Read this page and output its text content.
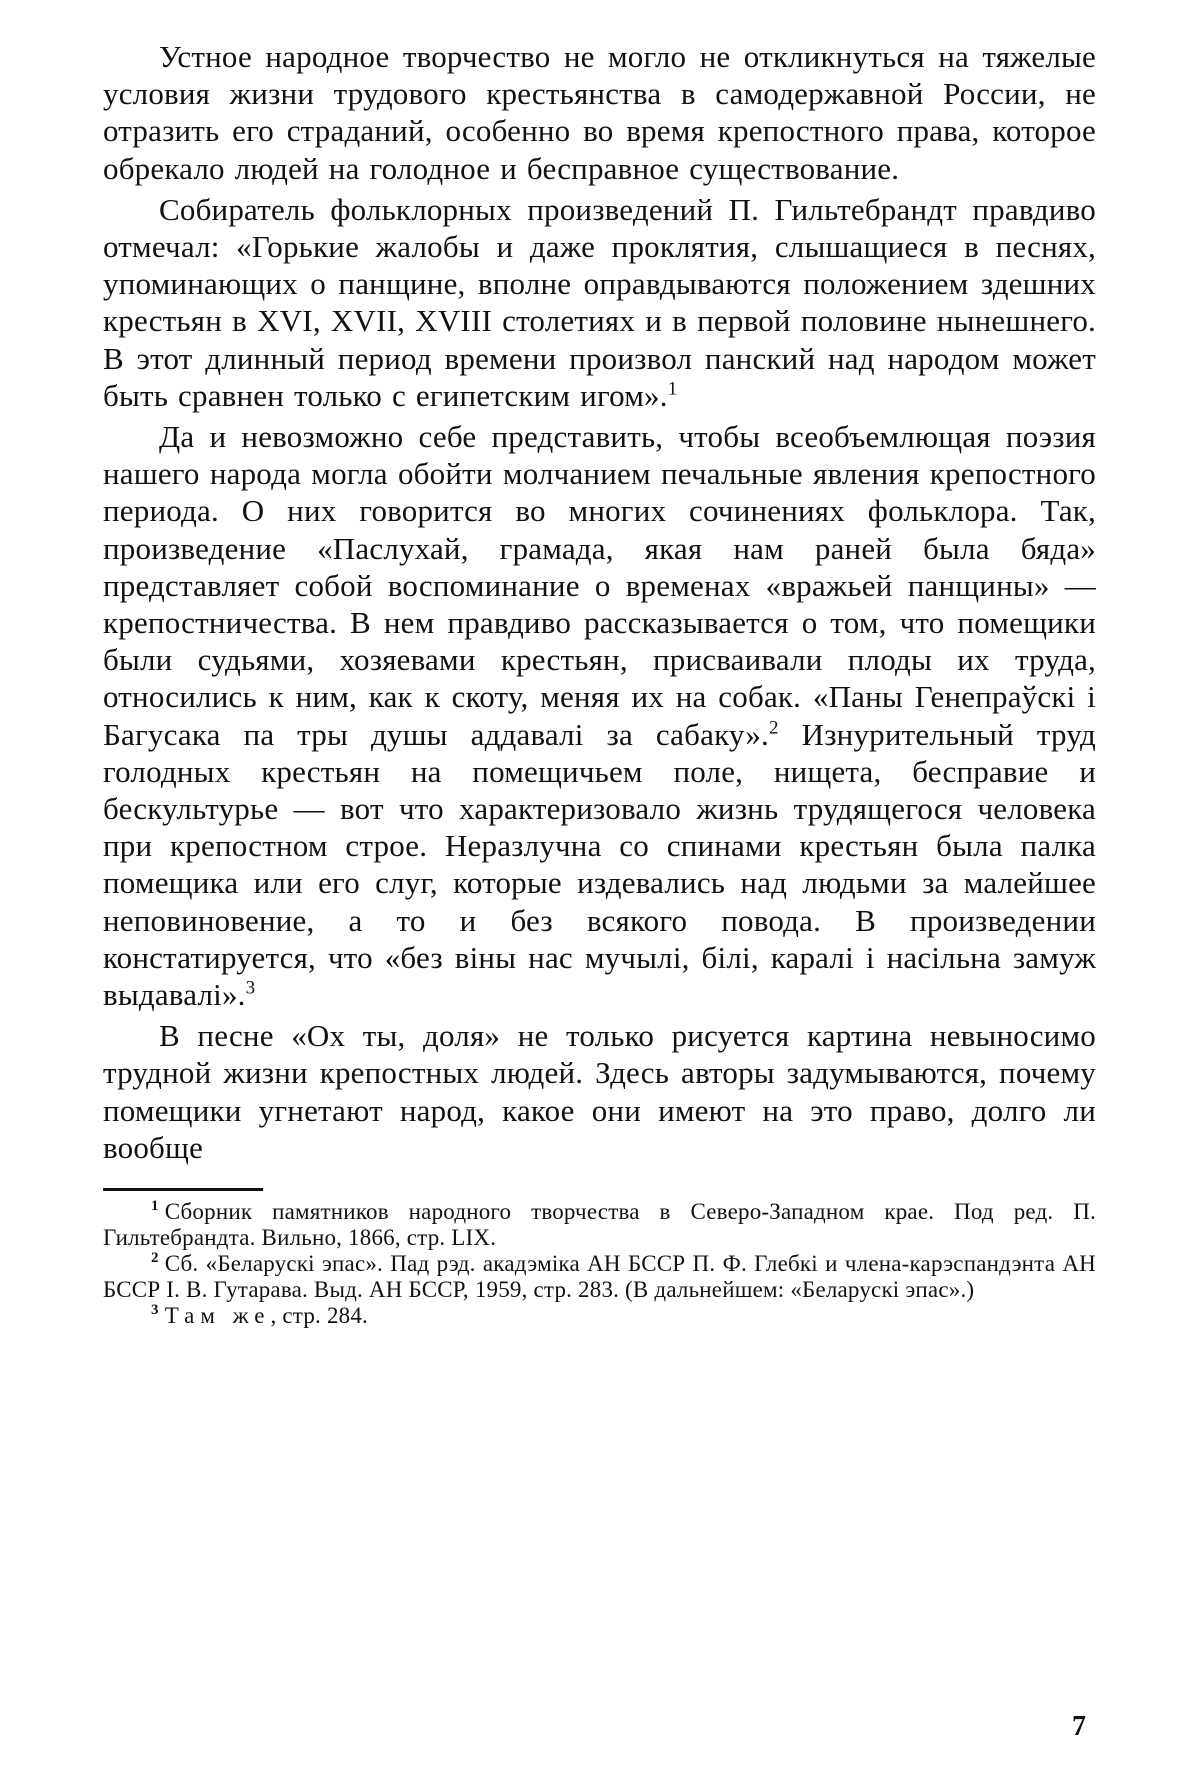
Устное народное творчество не могло не откликнуться на тяжелые условия жизни трудового крестьянства в самодержавной России, не отразить его страданий, особенно во время крепостного права, которое обрекало людей на голодное и бесправное существование.

Собиратель фольклорных произведений П. Гильтебрандт правдиво отмечал: «Горькие жалобы и даже проклятия, слышащиеся в песнях, упоминающих о панщине, вполне оправдываются положением здешних крестьян в XVI, XVII, XVIII столетиях и в первой половине нынешнего. В этот длинный период времени произвол панский над народом может быть сравнен только с египетским игом».$^1$

Да и невозможно себе представить, чтобы всеобъемлющая поэзия нашего народа могла обойти молчанием печальные явления крепостного периода. О них говорится во многих сочинениях фольклора. Так, произведение «Паслухай, грамада, якая нам раней была бяда» представляет собой воспоминание о временах «вражьей панщины» — крепостничества. В нем правдиво рассказывается о том, что помещики были судьями, хозяевами крестьян, присваивали плоды их труда, относились к ним, как к скоту, меняя их на собак. «Паны Генепраўскі і Багусака па тры душы аддавалі за сабаку».$^2$ Изнурительный труд голодных крестьян на помещичьем поле, нищета, бесправие и бескультурье — вот что характеризовало жизнь трудящегося человека при крепостном строе. Неразлучна со спинами крестьян была палка помещика или его слуг, которые издевались над людьми за малейшее неповиновение, а то и без всякого повода. В произведении констатируется, что «без віны нас мучылі, білі, каралі і насільна замуж выдавалі».$^3$

В песне «Ох ты, доля» не только рисуется картина невыносимо трудной жизни крепостных людей. Здесь авторы задумываются, почему помещики угнетают народ, какое они имеют на это право, долго ли вообще

$^1$ Сборник памятников народного творчества в Северо-Западном крае. Под ред. П. Гильтебрандта. Вильно, 1866, стр. LIX.

$^2$ Сб. «Беларускі эпас». Пад рэд. акадэміка АН БССР П. Ф. Глебкі и члена-карэспандэнта АН БССР І. В. Гутарава. Выд. АН БССР, 1959, стр. 283. (В дальнейшем: «Беларускі эпас».)

$^3$ Там же, стр. 284.

7
